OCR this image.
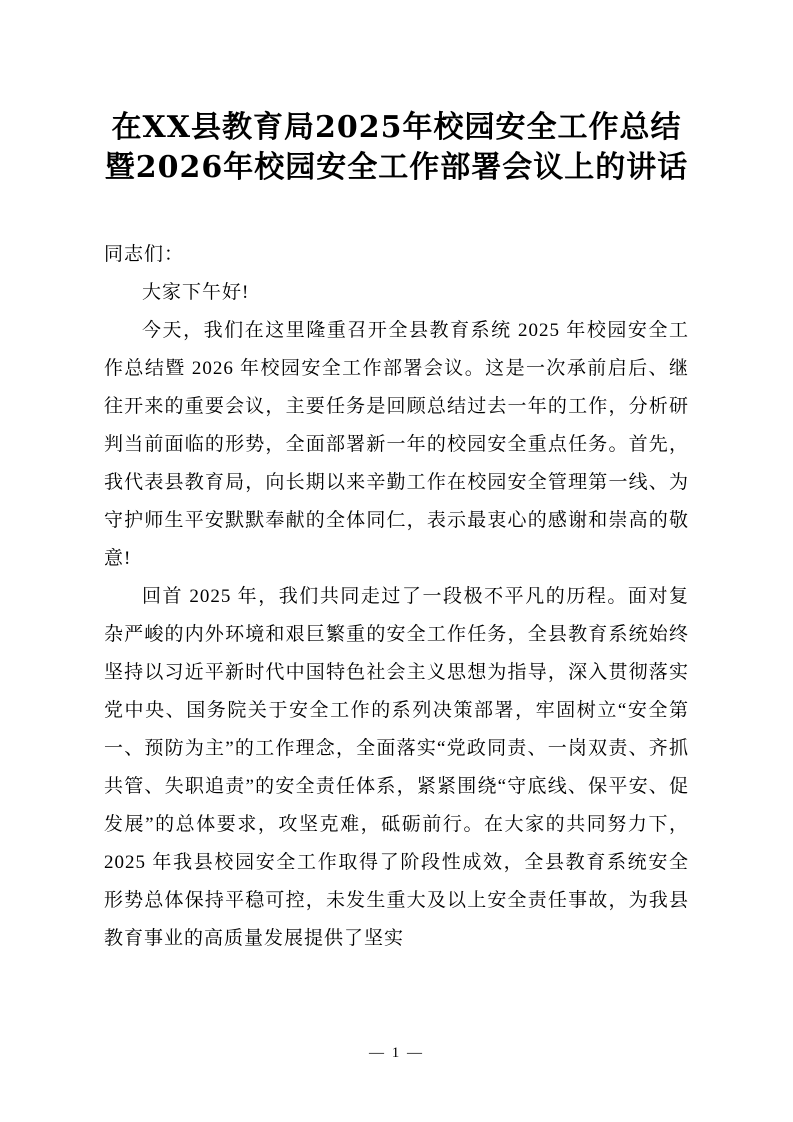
在XX县教育局2025年校园安全工作总结暨2026年校园安全工作部署会议上的讲话

同志们：

大家下午好!

今天，我们在这里隆重召开全县教育系统 2025 年校园安全工作总结暨 2026 年校园安全工作部署会议。这是一次承前启后、继往开来的重要会议，主要任务是回顾总结过去一年的工作，分析研判当前面临的形势，全面部署新一年的校园安全重点任务。首先，我代表县教育局，向长期以来辛勤工作在校园安全管理第一线、为守护师生平安默默奉献的全体同仁，表示最衷心的感谢和崇高的敬意!

回首 2025 年，我们共同走过了一段极不平凡的历程。面对复杂严峻的内外环境和艰巨繁重的安全工作任务，全县教育系统始终坚持以习近平新时代中国特色社会主义思想为指导，深入贯彻落实党中央、国务院关于安全工作的系列决策部署，牢固树立“安全第一、预防为主”的工作理念，全面落实“党政同责、一岗双责、齐抓共管、失职追责”的安全责任体系，紧紧围绕“守底线、保平安、促发展”的总体要求，攻坚克难，砥砺前行。在大家的共同努力下，2025 年我县校园安全工作取得了阶段性成效，全县教育系统安全形势总体保持平稳可控，未发生重大及以上安全责任事故，为我县教育事业的高质量发展提供了坚实

— 1 —
